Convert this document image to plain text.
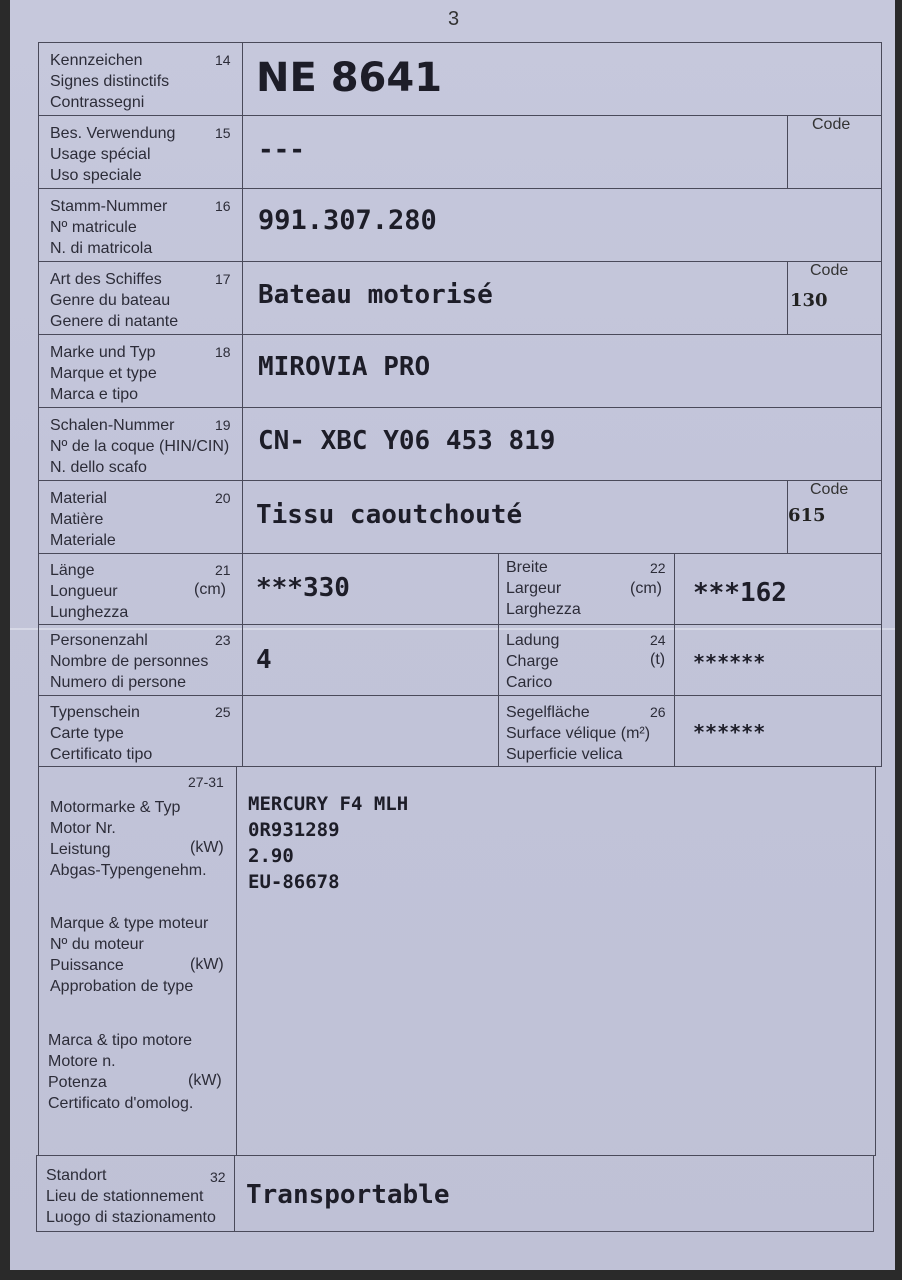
3
Kennzeichen
Signes distinctifs
Contrassegni
14 NE 8641
Bes. Verwendung
Usage spécial
Uso speciale
15
---
Code
Stamm-Nummer
Nº matricule
N. di matricola
16 991.307.280
Art des Schiffes
Genre du bateau
Genere di natante
17
Bateau motorisé
Code
130
Marke und Typ
Marque et type
Marca e tipo
18 MIROVIA PRO
Schalen-Nummer
Nº de la coque (HIN/CIN)
N. dello scafo
19
CN- XBC Y06 453 819
Material
Matière
Materiale
20
Tissu caoutchouté
Code
615
Länge
Longueur
Lunghezza
21
(cm) ***330
Breite
Largeur
Larghezza
22
(cm) ***162
Personenzahl
Nombre de personnes
Numero di persone
23
4
Ladung
Charge
Carico
24
(t) ******
Typenschein
Carte type
Certificato tipo
25	Segelfläche
Surface vélique (m²)
Superficie velica
26
******
27-31
Motormarke & Typ
Motor Nr.
Leistung
Abgas-Typengenehm.
(kW)
Marque & type moteur
Nº du moteur
Puissance
Approbation de type
(kW)
Marca & tipo motore
Motore n.
Potenza
Certificato d'omolog.
(kW)
MERCURY F4 MLH
0R931289
2.90
EU-86678
Standort
Lieu de stationnement
Luogo di stazionamento
32
Transportable
